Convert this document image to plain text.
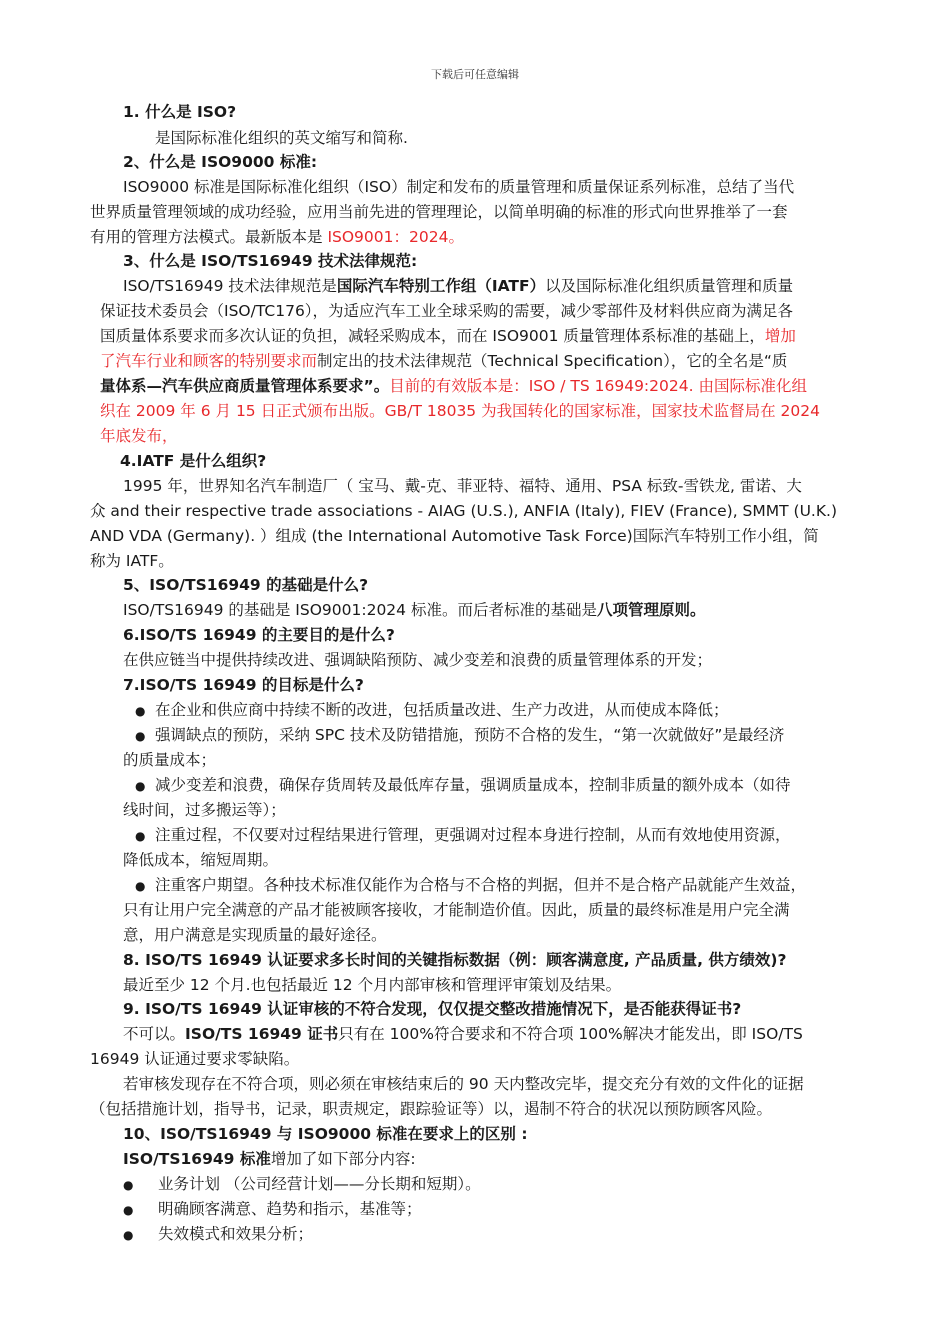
下载后可任意编辑
1. 什么是 ISO?
是国际标准化组织的英文缩写和简称.
2、什么是 ISO9000 标准:
ISO9000 标准是国际标准化组织（ISO）制定和发布的质量管理和质量保证系列标准，总结了当代
世界质量管理领域的成功经验，应用当前先进的管理理论，以简单明确的标准的形式向世界推举了一套
有用的管理方法模式。最新版本是 ISO9001：2024。
3、什么是 ISO/TS16949 技术法律规范:
ISO/TS16949 技术法律规范是国际汽车特别工作组（IATF）以及国际标准化组织质量管理和质量
保证技术委员会（ISO/TC176），为适应汽车工业全球采购的需要，减少零部件及材料供应商为满足各
国质量体系要求而多次认证的负担，减轻采购成本，而在 ISO9001 质量管理体系标准的基础上，增加
了汽车行业和顾客的特别要求而制定出的技术法律规范（Technical Specification），它的全名是“质
量体系—汽车供应商质量管理体系要求”。目前的有效版本是：ISO / TS 16949:2024. 由国际标准化组
织在 2009 年 6 月 15 日正式颁布出版。GB/T 18035 为我国转化的国家标准，国家技术监督局在 2024
年底发布，
4.IATF 是什么组织?
1995 年，世界知名汽车制造厂（ 宝马、戴-克、菲亚特、福特、通用、PSA 标致-雪铁龙, 雷诺、大
众 and their respective trade associations - AIAG (U.S.), ANFIA (Italy), FIEV (France), SMMT (U.K.)
AND VDA (Germany). ）组成 (the International Automotive Task Force)国际汽车特别工作小组，简
称为 IATF。
5、ISO/TS16949 的基础是什么?
ISO/TS16949 的基础是 ISO9001:2024 标准。而后者标准的基础是八项管理原则。
6.ISO/TS 16949 的主要目的是什么?
在供应链当中提供持续改进、强调缺陷预防、减少变差和浪费的质量管理体系的开发；
7.ISO/TS 16949 的目标是什么?
● 在企业和供应商中持续不断的改进，包括质量改进、生产力改进，从而使成本降低；
● 强调缺点的预防，采纳 SPC 技术及防错措施，预防不合格的发生，“第一次就做好”是最经济
的质量成本；
● 减少变差和浪费，确保存货周转及最低库存量，强调质量成本，控制非质量的额外成本（如待
线时间，过多搬运等）；
● 注重过程，不仅要对过程结果进行管理，更强调对过程本身进行控制，从而有效地使用资源，
降低成本，缩短周期。
● 注重客户期望。各种技术标准仅能作为合格与不合格的判据，但并不是合格产品就能产生效益，
只有让用户完全满意的产品才能被顾客接收，才能制造价值。因此，质量的最终标准是用户完全满
意，用户满意是实现质量的最好途径。
8. ISO/TS 16949 认证要求多长时间的关键指标数据（例：顾客满意度, 产品质量, 供方绩效)?
最近至少 12 个月.也包括最近 12 个月内部审核和管理评审策划及结果。
9. ISO/TS 16949 认证审核的不符合发现，仅仅提交整改措施情况下，是否能获得证书?
不可以。ISO/TS 16949 证书只有在 100%符合要求和不符合项 100%解决才能发出，即 ISO/TS
16949 认证通过要求零缺陷。
若审核发现存在不符合项，则必须在审核结束后的 90 天内整改完毕，提交充分有效的文件化的证据
（包括措施计划，指导书，记录，职责规定，跟踪验证等）以，遏制不符合的状况以预防顾客风险。
10、ISO/TS16949 与 ISO9000 标准在要求上的区别 :
ISO/TS16949 标准增加了如下部分内容:
● 业务计划 （公司经营计划——分长期和短期）。
● 明确顾客满意、趋势和指示，基准等；
● 失效模式和效果分析；
